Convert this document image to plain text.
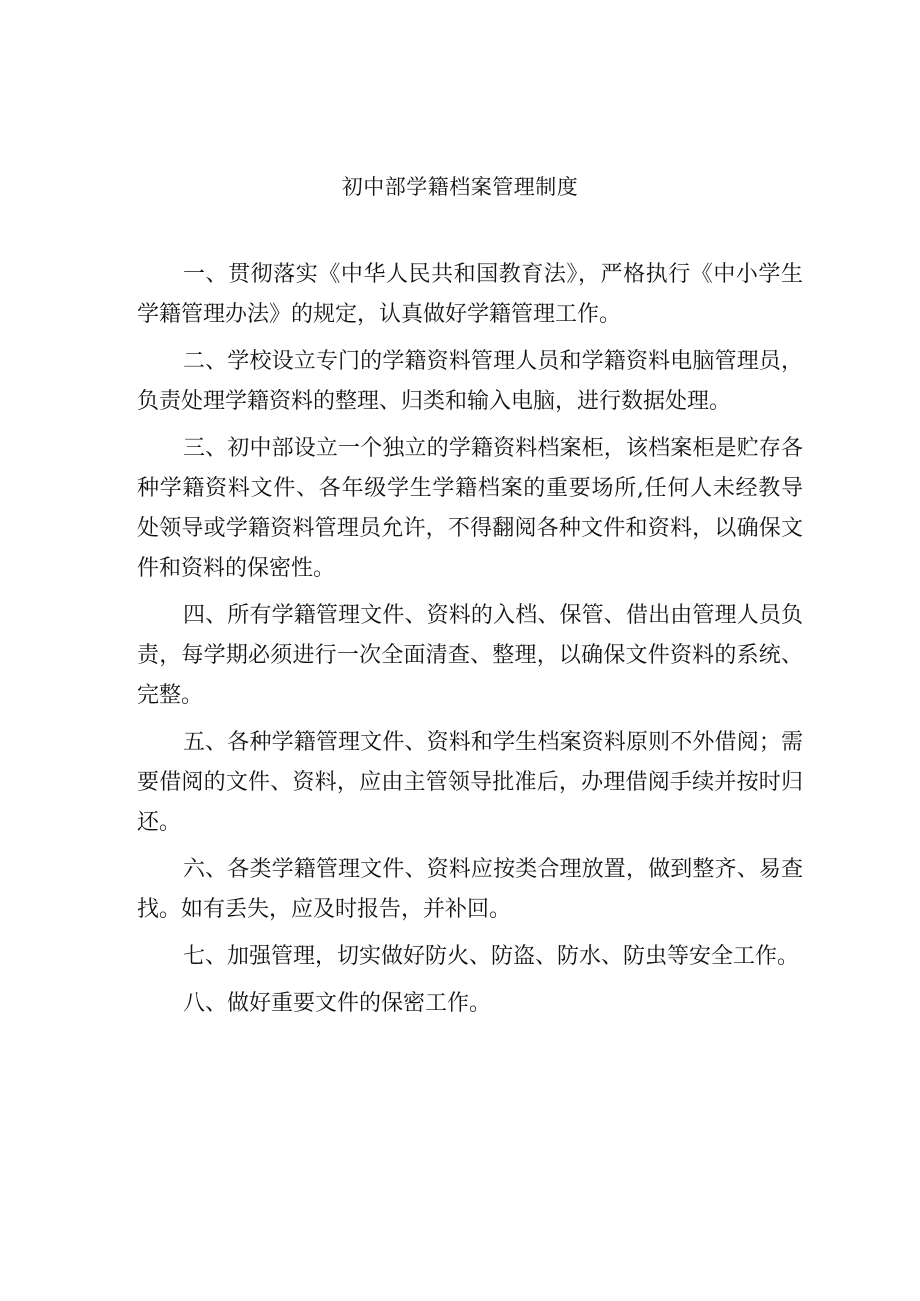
初中部学籍档案管理制度

一、贯彻落实《中华人民共和国教育法》，严格执行《中小学生学籍管理办法》的规定，认真做好学籍管理工作。

二、学校设立专门的学籍资料管理人员和学籍资料电脑管理员，负责处理学籍资料的整理、归类和输入电脑，进行数据处理。

三、初中部设立一个独立的学籍资料档案柜，该档案柜是贮存各种学籍资料文件、各年级学生学籍档案的重要场所,任何人未经教导处领导或学籍资料管理员允许，不得翻阅各种文件和资料，以确保文件和资料的保密性。

四、所有学籍管理文件、资料的入档、保管、借出由管理人员负责，每学期必须进行一次全面清查、整理，以确保文件资料的系统、完整。

五、各种学籍管理文件、资料和学生档案资料原则不外借阅；需要借阅的文件、资料，应由主管领导批准后，办理借阅手续并按时归还。

六、各类学籍管理文件、资料应按类合理放置，做到整齐、易查找。如有丢失，应及时报告，并补回。

七、加强管理，切实做好防火、防盗、防水、防虫等安全工作。

八、做好重要文件的保密工作。
